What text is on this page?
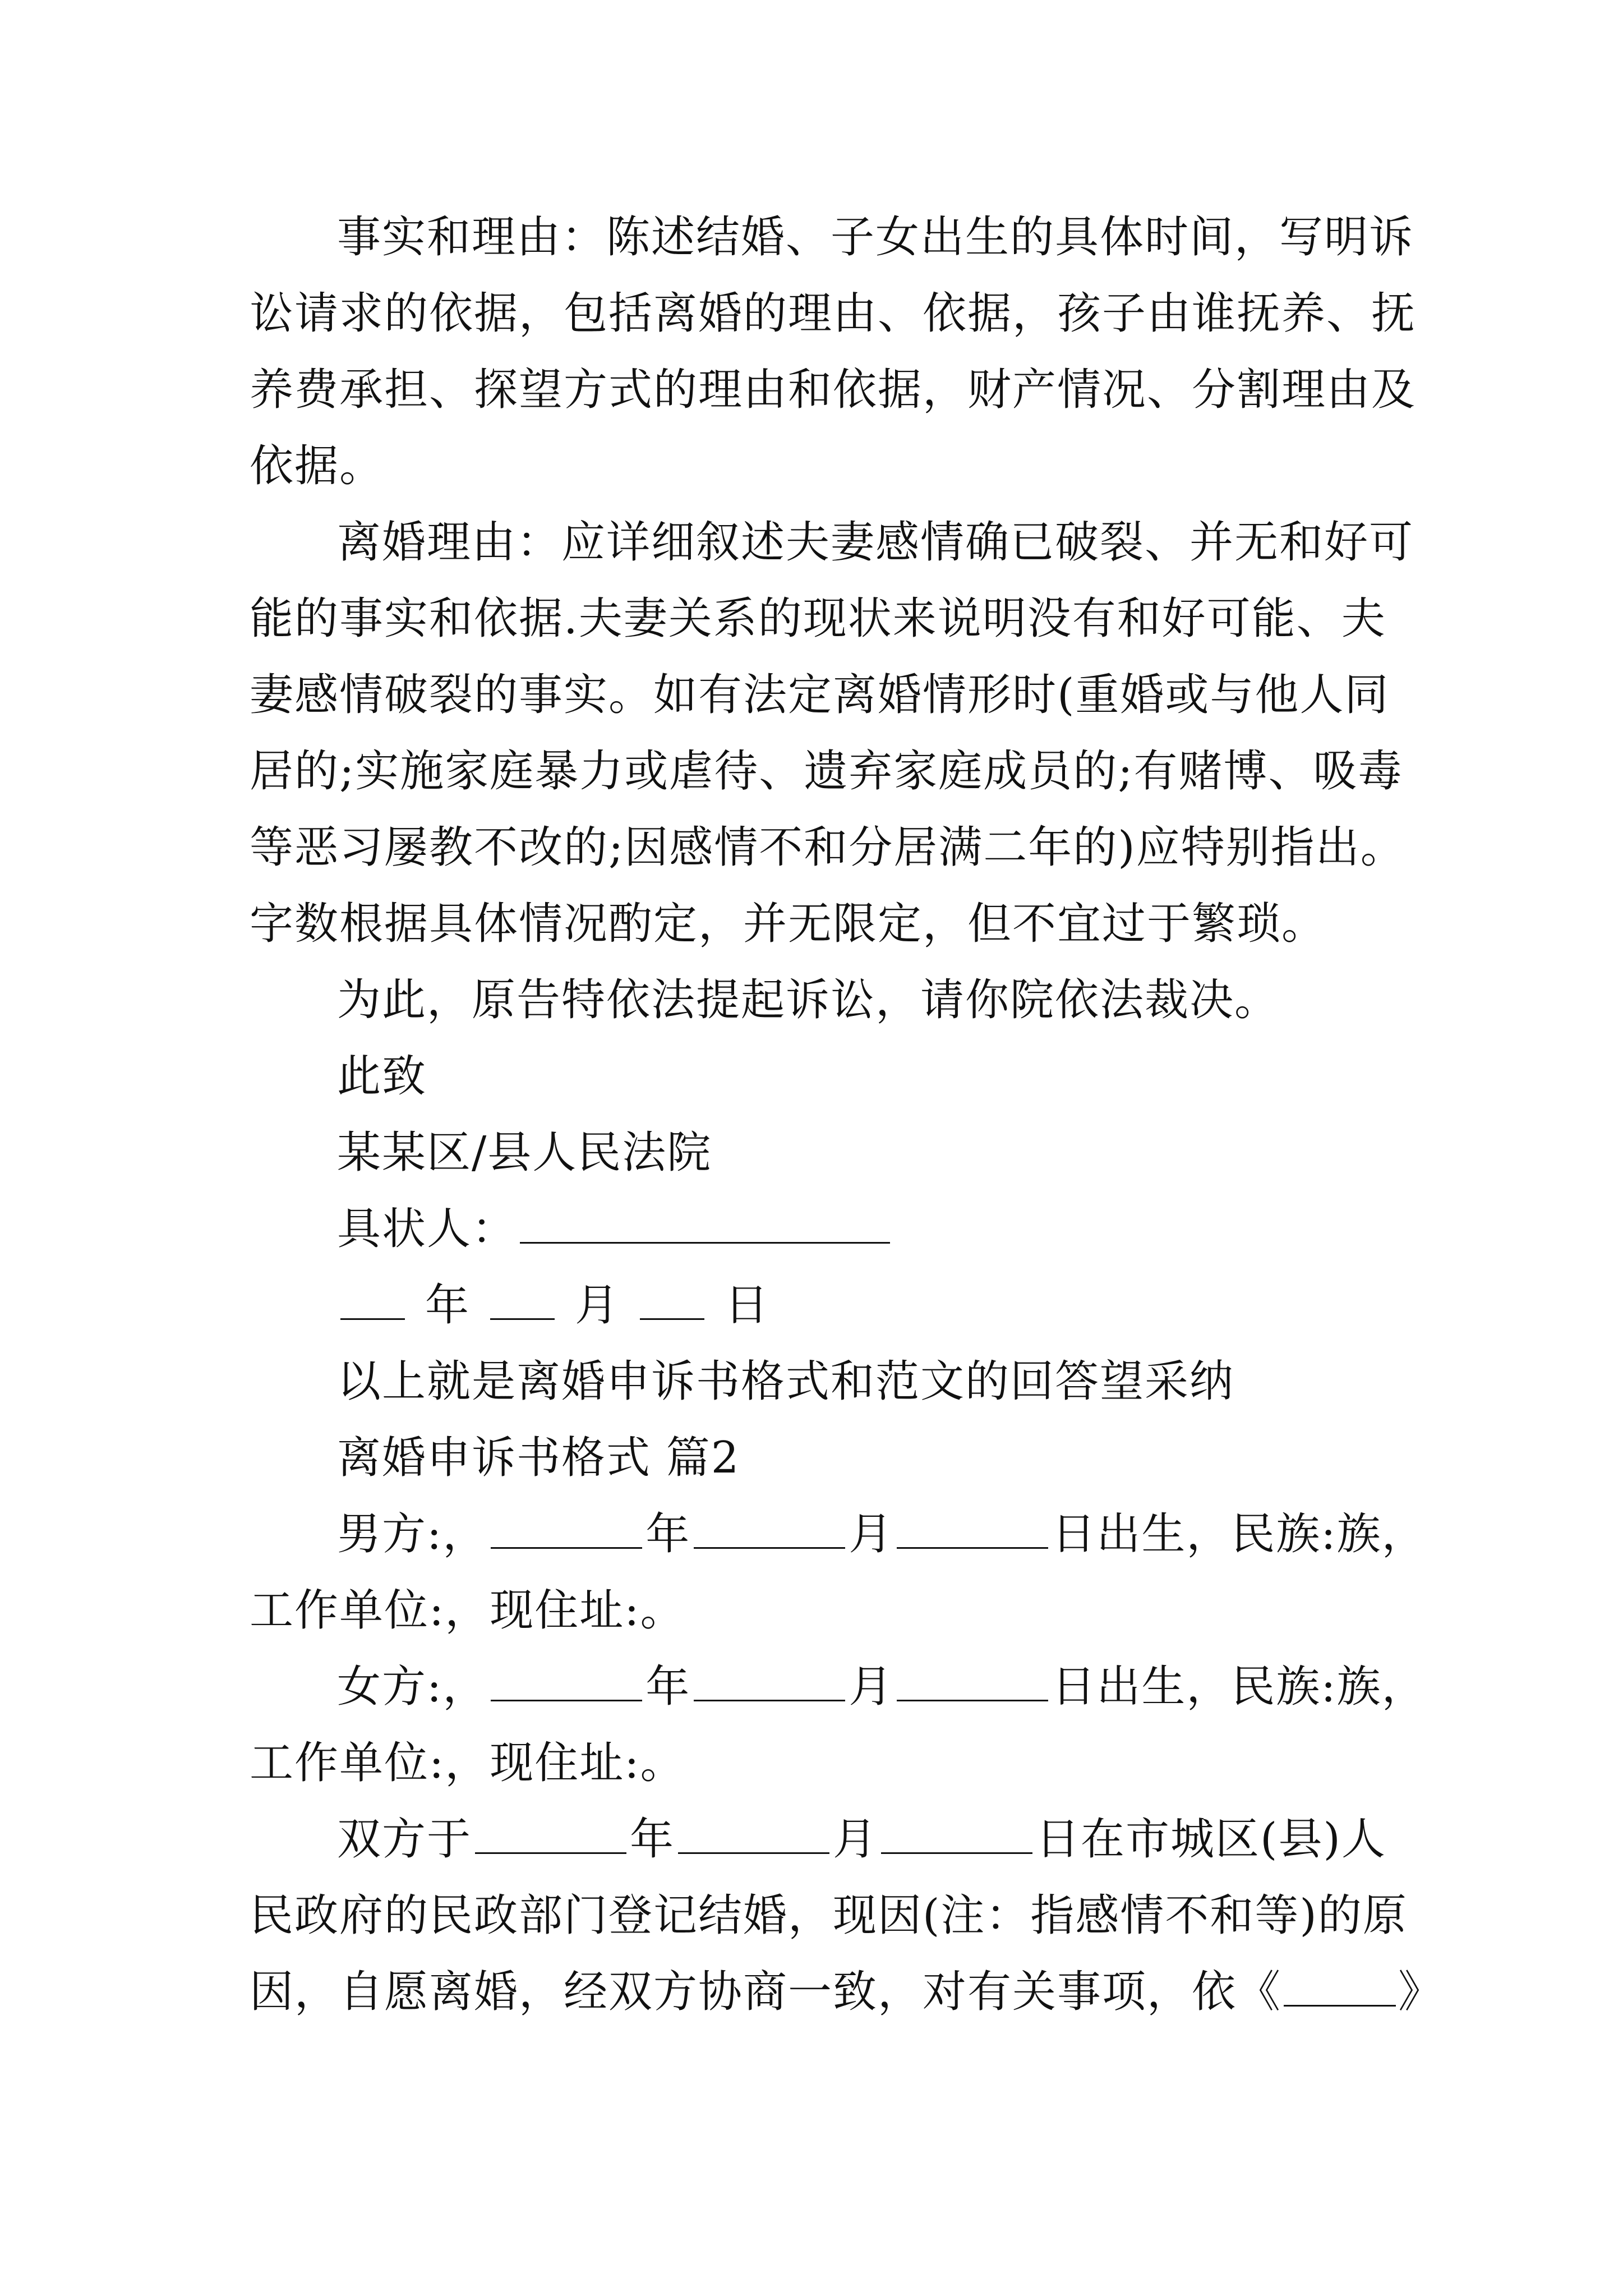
事实和理由：陈述结婚、子女出生的具体时间，写明诉
讼请求的依据，包括离婚的理由、依据，孩子由谁抚养、抚
养费承担、探望方式的理由和依据，财产情况、分割理由及
依据。
离婚理由：应详细叙述夫妻感情确已破裂、并无和好可
能的事实和依据.夫妻关系的现状来说明没有和好可能、夫
妻感情破裂的事实。如有法定离婚情形时(重婚或与他人同
居的;实施家庭暴力或虐待、遗弃家庭成员的;有赌博、吸毒
等恶习屡教不改的;因感情不和分居满二年的)应特别指出。
字数根据具体情况酌定，并无限定，但不宜过于繁琐。
为此，原告特依法提起诉讼，请你院依法裁决。
此致
某某区/县人民法院
具状人：
年 月 日
以上就是离婚申诉书格式和范文的回答望采纳
离婚申诉书格式 篇2
男方:，	年	月	日出生，民族:族，
工作单位:，现住址:。
女方:，	年	月	日出生，民族:族，
工作单位:，现住址:。
双方于	年	月	日在市城区(县)人
民政府的民政部门登记结婚，现因(注：指感情不和等)的原
因，自愿离婚，经双方协商一致，对有关事项，依《	》
